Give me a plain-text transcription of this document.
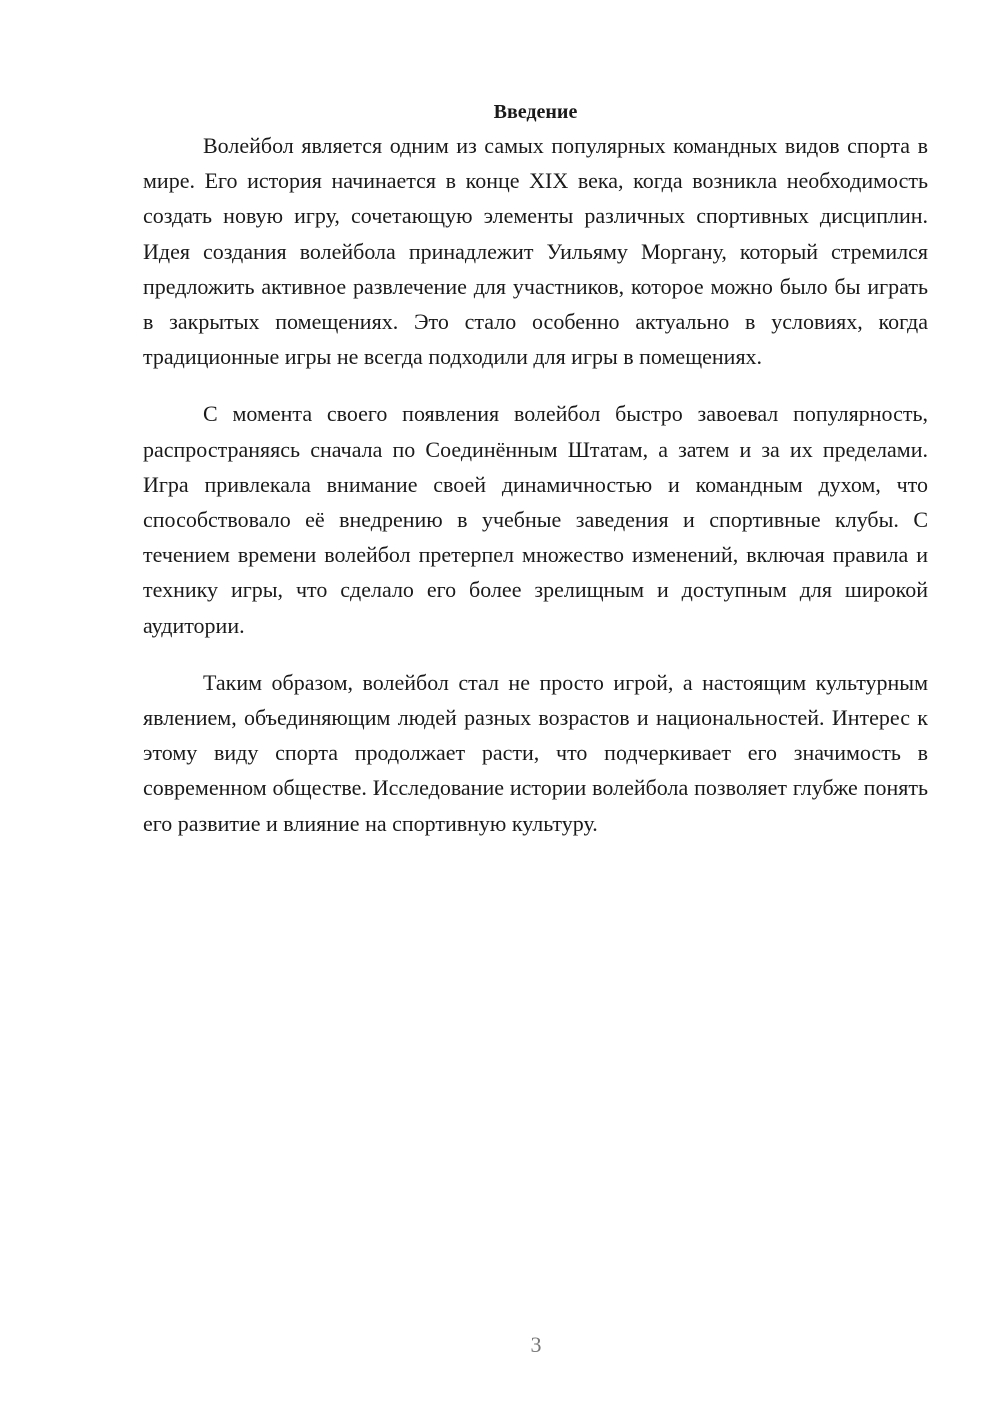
Введение

Волейбол является одним из самых популярных командных видов спорта в мире. Его история начинается в конце XIX века, когда возникла необходимость создать новую игру, сочетающую элементы различных спортивных дисциплин. Идея создания волейбола принадлежит Уильяму Моргану, который стремился предложить активное развлечение для участников, которое можно было бы играть в закрытых помещениях. Это стало особенно актуально в условиях, когда традиционные игры не всегда подходили для игры в помещениях.

С момента своего появления волейбол быстро завоевал популярность, распространяясь сначала по Соединённым Штатам, а затем и за их пределами. Игра привлекала внимание своей динамичностью и командным духом, что способствовало её внедрению в учебные заведения и спортивные клубы. С течением времени волейбол претерпел множество изменений, включая правила и технику игры, что сделало его более зрелищным и доступным для широкой аудитории.

Таким образом, волейбол стал не просто игрой, а настоящим культурным явлением, объединяющим людей разных возрастов и национальностей. Интерес к этому виду спорта продолжает расти, что подчеркивает его значимость в современном обществе. Исследование истории волейбола позволяет глубже понять его развитие и влияние на спортивную культуру.

3
